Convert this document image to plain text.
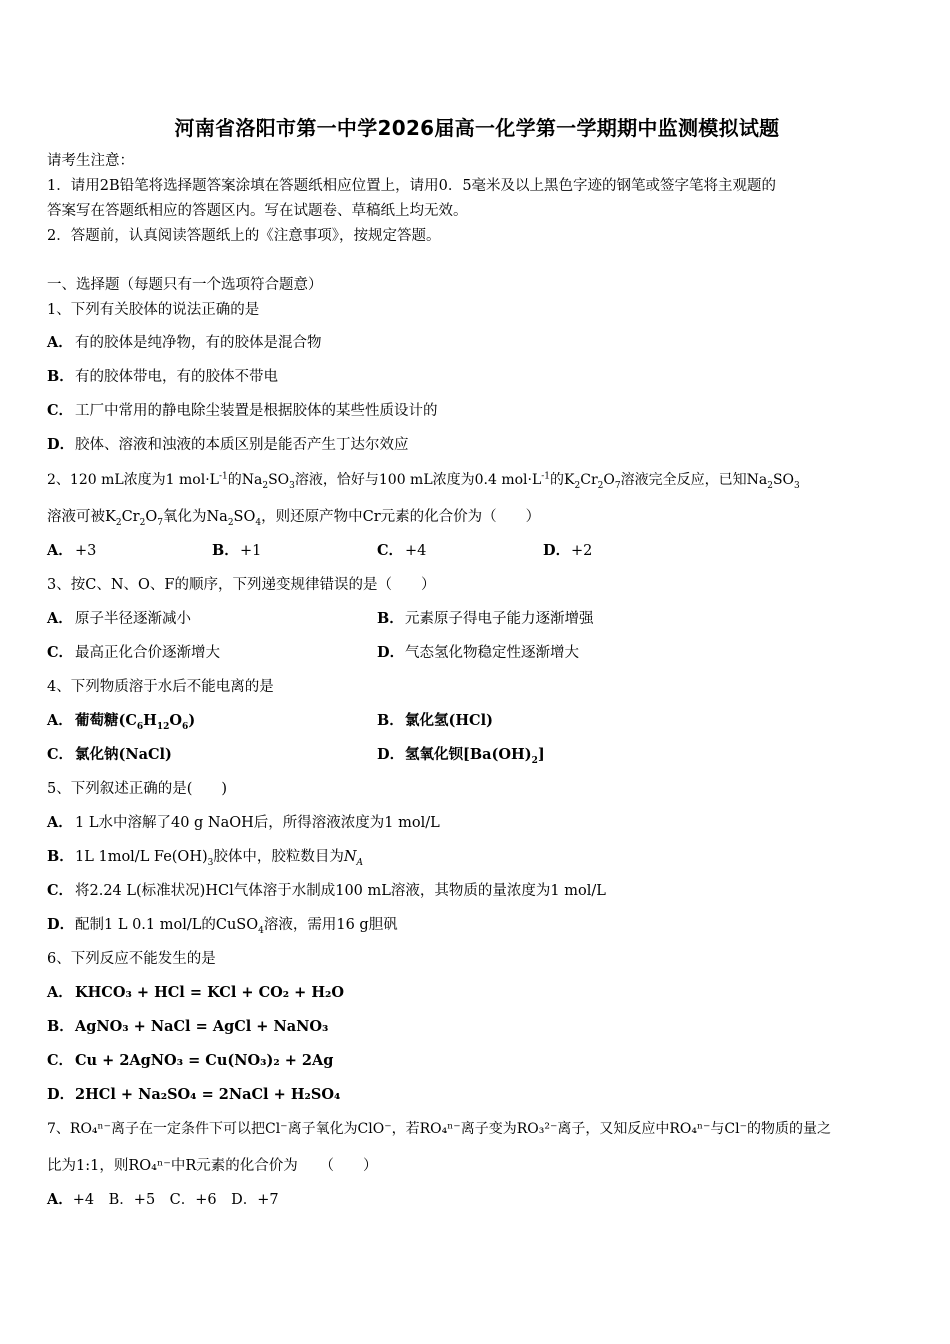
河南省洛阳市第一中学2026届高一化学第一学期期中监测模拟试题
请考生注意：
1．请用2B铅笔将选择题答案涂填在答题纸相应位置上，请用0．5毫米及以上黑色字迹的钢笔或签字笔将主观题的
答案写在答题纸相应的答题区内。写在试题卷、草稿纸上均无效。
2．答题前，认真阅读答题纸上的《注意事项》，按规定答题。
一、选择题（每题只有一个选项符合题意）
1、下列有关胶体的说法正确的是
A． 有的胶体是纯净物，有的胶体是混合物
B．有的胶体带电，有的胶体不带电
C． 工厂中常用的静电除尘装置是根据胶体的某些性质设计的
D．胶体、溶液和浊液的本质区别是能否产生丁达尔效应
2、120 mL浓度为1 $mol\cdot L^{-1}$的$Na_2SO_3$溶液，恰好与100 mL浓度为0.4 $mol\cdot L^{-1}$的$K_2Cr_2O_7$溶液完全反应，已知$Na_2SO_3$
溶液可被$K_2Cr_2O_7$氧化为$Na_2SO_4$，则还原产物中Cr元素的化合价为（　　）
A． +3	B．+1	C． +4	D．+2
3、按C、N、O、F的顺序，下列递变规律错误的是（　　）
A． 原子半径逐渐减小	B．元素原子得电子能力逐渐增强
C． 最高正化合价逐渐增大	D．气态氢化物稳定性逐渐增大
4、下列物质溶于水后不能电离的是
A． 葡萄糖$(C_6H_{12}O_6)$	B．氯化氢(HCl)
C． 氯化钠(NaCl)	D．氢氧化钡$[Ba(OH)_2]$
5、下列叙述正确的是(　　)
A． 1 L水中溶解了40 g NaOH后，所得溶液浓度为1 mol/L
B．1L 1mol/L $Fe(OH)_3$胶体中，胶粒数目为$N_A$
C． 将2.24 L(标准状况)HCl气体溶于水制成100 mL溶液，其物质的量浓度为1 mol/L
D．配制1 L 0.1 mol/L的CuSO$_4$溶液，需用16 g胆矾
6、下列反应不能发生的是
A． KHCO₃ + HCl = KCl + CO₂ + H₂O
B．AgNO₃ + NaCl = AgCl + NaNO₃
C． Cu + 2AgNO₃ = Cu(NO₃)₂ + 2Ag
D．2HCl + Na₂SO₄ = 2NaCl + H₂SO₄
7、RO₄ⁿ⁻离子在一定条件下可以把Cl⁻离子氧化为ClO⁻，若RO₄ⁿ⁻离子变为RO₃²⁻离子，又知反应中RO₄ⁿ⁻与Cl⁻的物质的量之
比为1:1，则RO₄ⁿ⁻中R元素的化合价为　　（　　）
A．+4　B．+5　C．+6　D．+7
